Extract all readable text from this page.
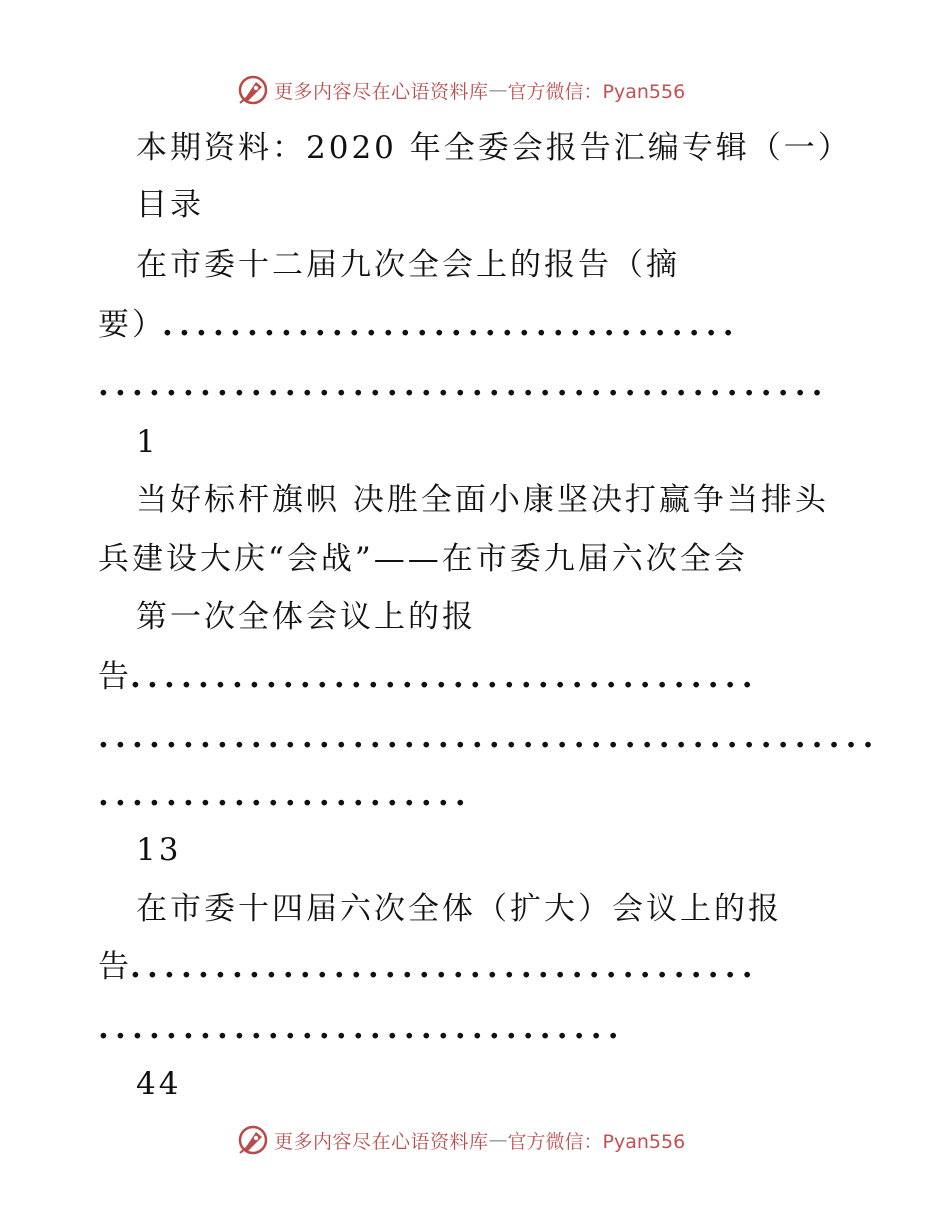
更多内容尽在心语资料库 — 官方微信：Pyan556
本期资料：2020 年全委会报告汇编专辑（一）
目录
在市委十二届九次全会上的报告（摘
要）
..................................
...........................................
1
当好标杆旗帜 决胜全面小康坚决打赢争当排头
兵建设大庆“会战”——在市委九届六次全会
第一次全体会议上的报
告
.....................................
..............................................
......................
13
在市委十四届六次全体（扩大）会议上的报
告
.....................................
...............................
44
更多内容尽在心语资料库 — 官方微信：Pyan556
